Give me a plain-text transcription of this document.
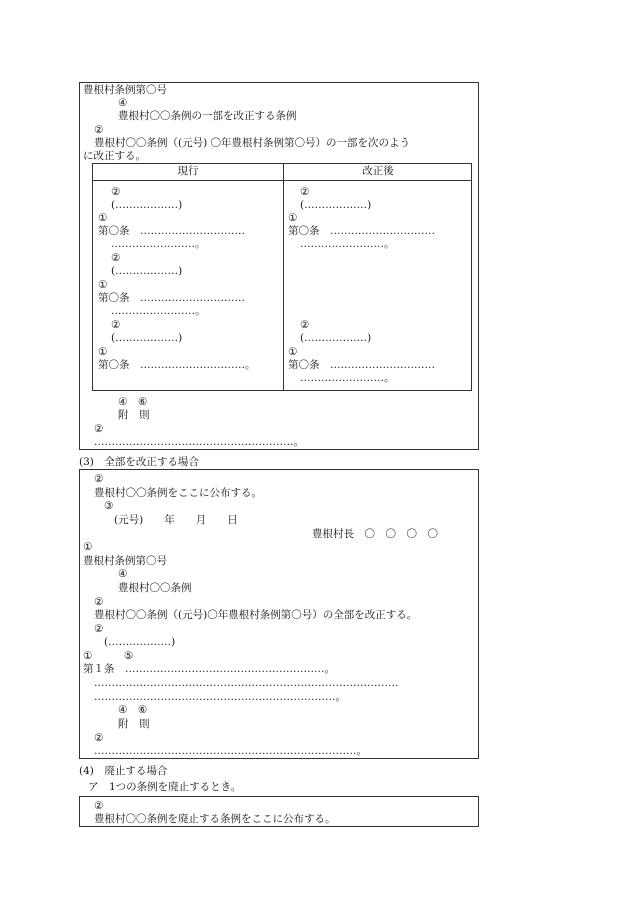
豊根村条例第〇号
④
豊根村〇〇条例の一部を改正する条例
②
豊根村〇〇条例（(元号) 〇年豊根村条例第〇号）の一部を次のよう
に改正する。
現行	改正後
②
(………………)
①
第〇条　…………………………
……………………。
②
(………………)
①
第〇条　…………………………
……………………。
②
(………………)
①
第〇条　…………………………。
②
(………………)
①
第〇条　…………………………
……………………。
②
(………………)
①
第〇条　…………………………
……………………。
④　⑥
附　則
②
…………………………………………………。
(3)　全部を改正する場合
②
豊根村〇〇条例をここに公布する。
③
(元号)　　年　　月　　日
豊根村長　〇　〇　〇　〇
①
豊根村条例第〇号
④
豊根村〇〇条例
②
豊根村〇〇条例（(元号)〇年豊根村条例第〇号）の全部を改正する。
②
(………………)
①　　　⑤
第１条　…………………………………………………。
……………………………………………………………………………
……………………………………………………………。
④　⑥
附　則
②
…………………………………………………………………。
(4)　廃止する場合
ア　1つの条例を廃止するとき。
②
豊根村〇〇条例を廃止する条例をここに公布する。
